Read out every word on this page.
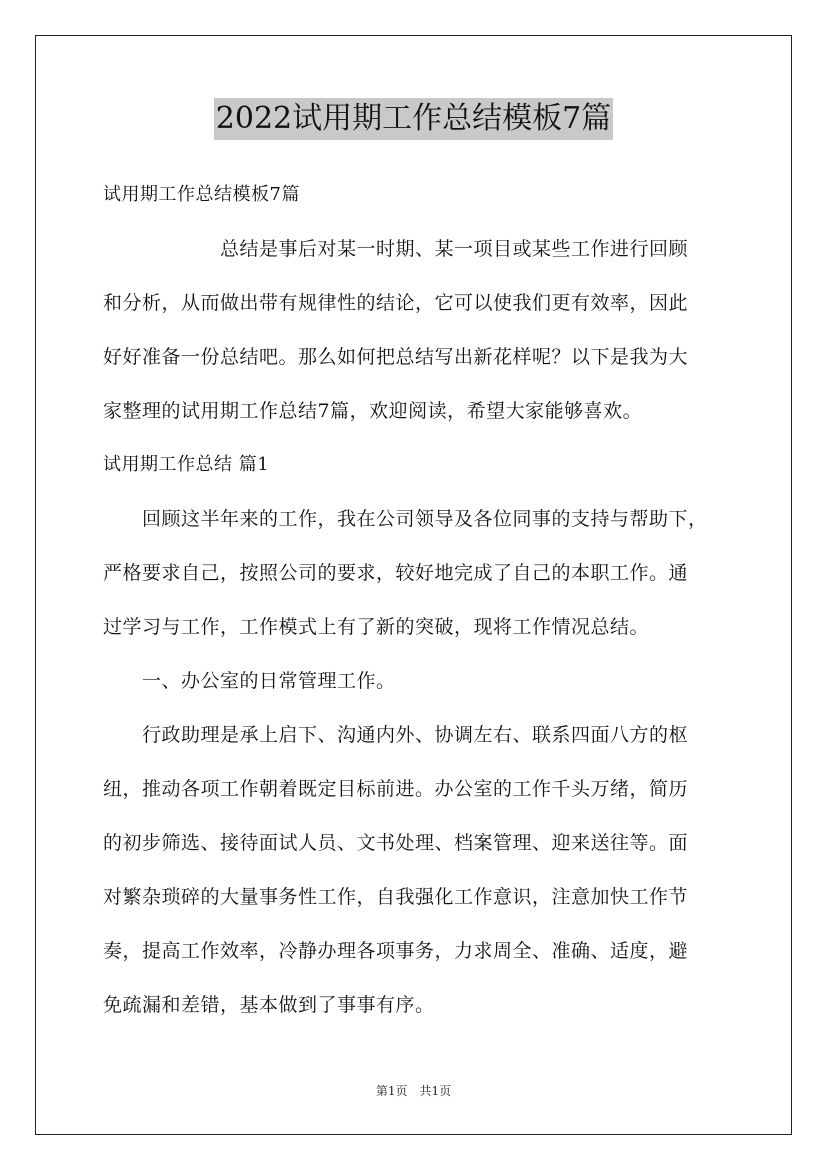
2022试用期工作总结模板7篇
试用期工作总结模板7篇
　　　　　　总结是事后对某一时期、某一项目或某些工作进行回顾
和分析，从而做出带有规律性的结论，它可以使我们更有效率，因此
好好准备一份总结吧。那么如何把总结写出新花样呢？以下是我为大
家整理的试用期工作总结7篇，欢迎阅读，希望大家能够喜欢。
试用期工作总结 篇1
　　回顾这半年来的工作，我在公司领导及各位同事的支持与帮助下，
严格要求自己，按照公司的要求，较好地完成了自己的本职工作。通
过学习与工作，工作模式上有了新的突破，现将工作情况总结。
　　一、办公室的日常管理工作。
　　行政助理是承上启下、沟通内外、协调左右、联系四面八方的枢
纽，推动各项工作朝着既定目标前进。办公室的工作千头万绪，简历
的初步筛选、接待面试人员、文书处理、档案管理、迎来送往等。面
对繁杂琐碎的大量事务性工作，自我强化工作意识，注意加快工作节
奏，提高工作效率，冷静办理各项事务，力求周全、准确、适度，避
免疏漏和差错，基本做到了事事有序。
第1页　共1页
